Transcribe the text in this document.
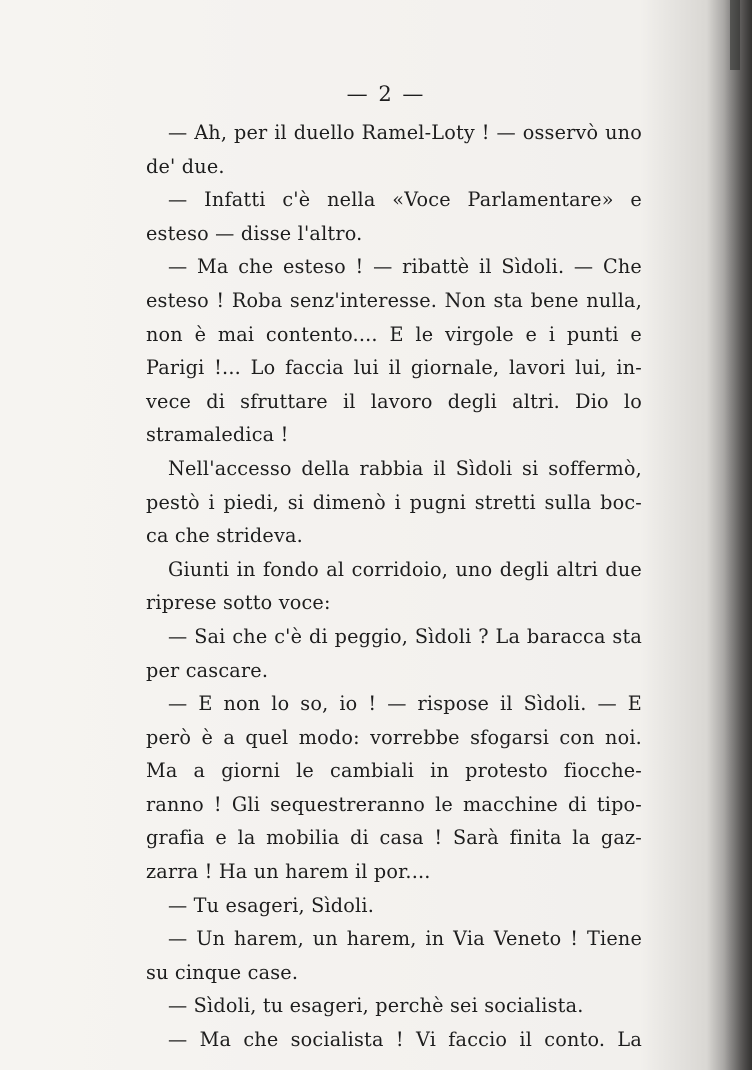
— 2 —
— Ah, per il duello Ramel-Loty ! — osservò uno
de' due.
— Infatti c'è nella «Voce Parlamentare» e
esteso — disse l'altro.
— Ma che esteso ! — ribattè il Sìdoli. — Che
esteso ! Roba senz'interesse. Non sta bene nulla,
non è mai contento.... E le virgole e i punti e
Parigi !... Lo faccia lui il giornale, lavori lui, in-
vece di sfruttare il lavoro degli altri. Dio lo
stramaledica !
Nell'accesso della rabbia il Sìdoli si soffermò,
pestò i piedi, si dimenò i pugni stretti sulla boc-
ca che strideva.
Giunti in fondo al corridoio, uno degli altri due
riprese sotto voce:
— Sai che c'è di peggio, Sìdoli ? La baracca sta
per cascare.
— E non lo so, io ! — rispose il Sìdoli. — E
però è a quel modo: vorrebbe sfogarsi con noi.
Ma a giorni le cambiali in protesto fiocche-
ranno ! Gli sequestreranno le macchine di tipo-
grafia e la mobilia di casa ! Sarà finita la gaz-
zarra ! Ha un harem il por....
— Tu esageri, Sìdoli.
— Un harem, un harem, in Via Veneto ! Tiene
su cinque case.
— Sìdoli, tu esageri, perchè sei socialista.
— Ma che socialista ! Vi faccio il conto. La
